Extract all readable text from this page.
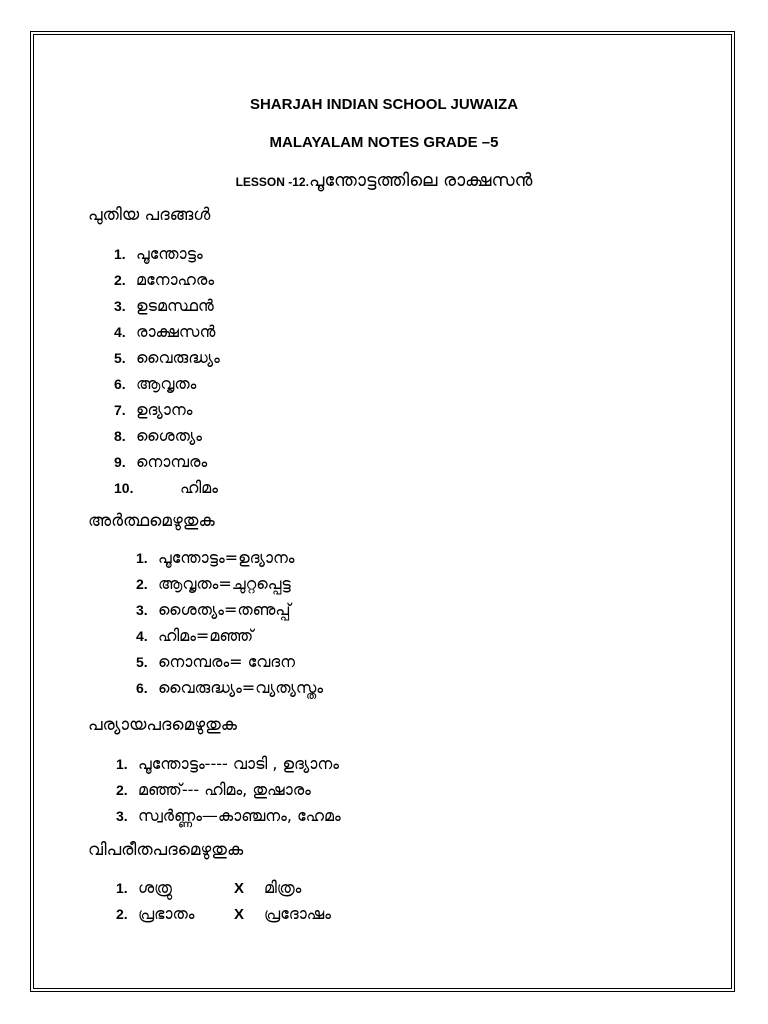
SHARJAH INDIAN SCHOOL JUWAIZA
MALAYALAM NOTES GRADE –5
LESSON -12.പൂന്തോട്ടത്തിലെ രാക്ഷസൻ
പുതിയ പദങ്ങൾ
1. പൂന്തോട്ടം
2. മനോഹരം
3. ഉടമസ്ഥൻ
4. രാക്ഷസൻ
5. വൈരുദ്ധ്യം
6. ആവൃതം
7. ഉദ്യാനം
8. ശൈത്യം
9. നൊമ്പരം
10.	ഹിമം
അർത്ഥമെഴുതുക
1. പൂന്തോട്ടം=ഉദ്യാനം
2. ആവൃതം=ചുറ്റപ്പെട്ട
3. ശൈത്യം=തണുപ്പ്
4. ഹിമം=മഞ്ഞ്
5. നൊമ്പരം= വേദന
6. വൈരുദ്ധ്യം=വ്യത്യസ്തം
പര്യായപദമെഴുതുക
1. പൂന്തോട്ടം---- വാടി , ഉദ്യാനം
2. മഞ്ഞ്--- ഹിമം, തുഷാരം
3. സ്വർണ്ണം—കാഞ്ചനം, ഹേമം
വിപരീതപദമെഴുതുക
1. ശത്രു	X	മിത്രം
2. പ്രഭാതം	X	പ്രദോഷം
